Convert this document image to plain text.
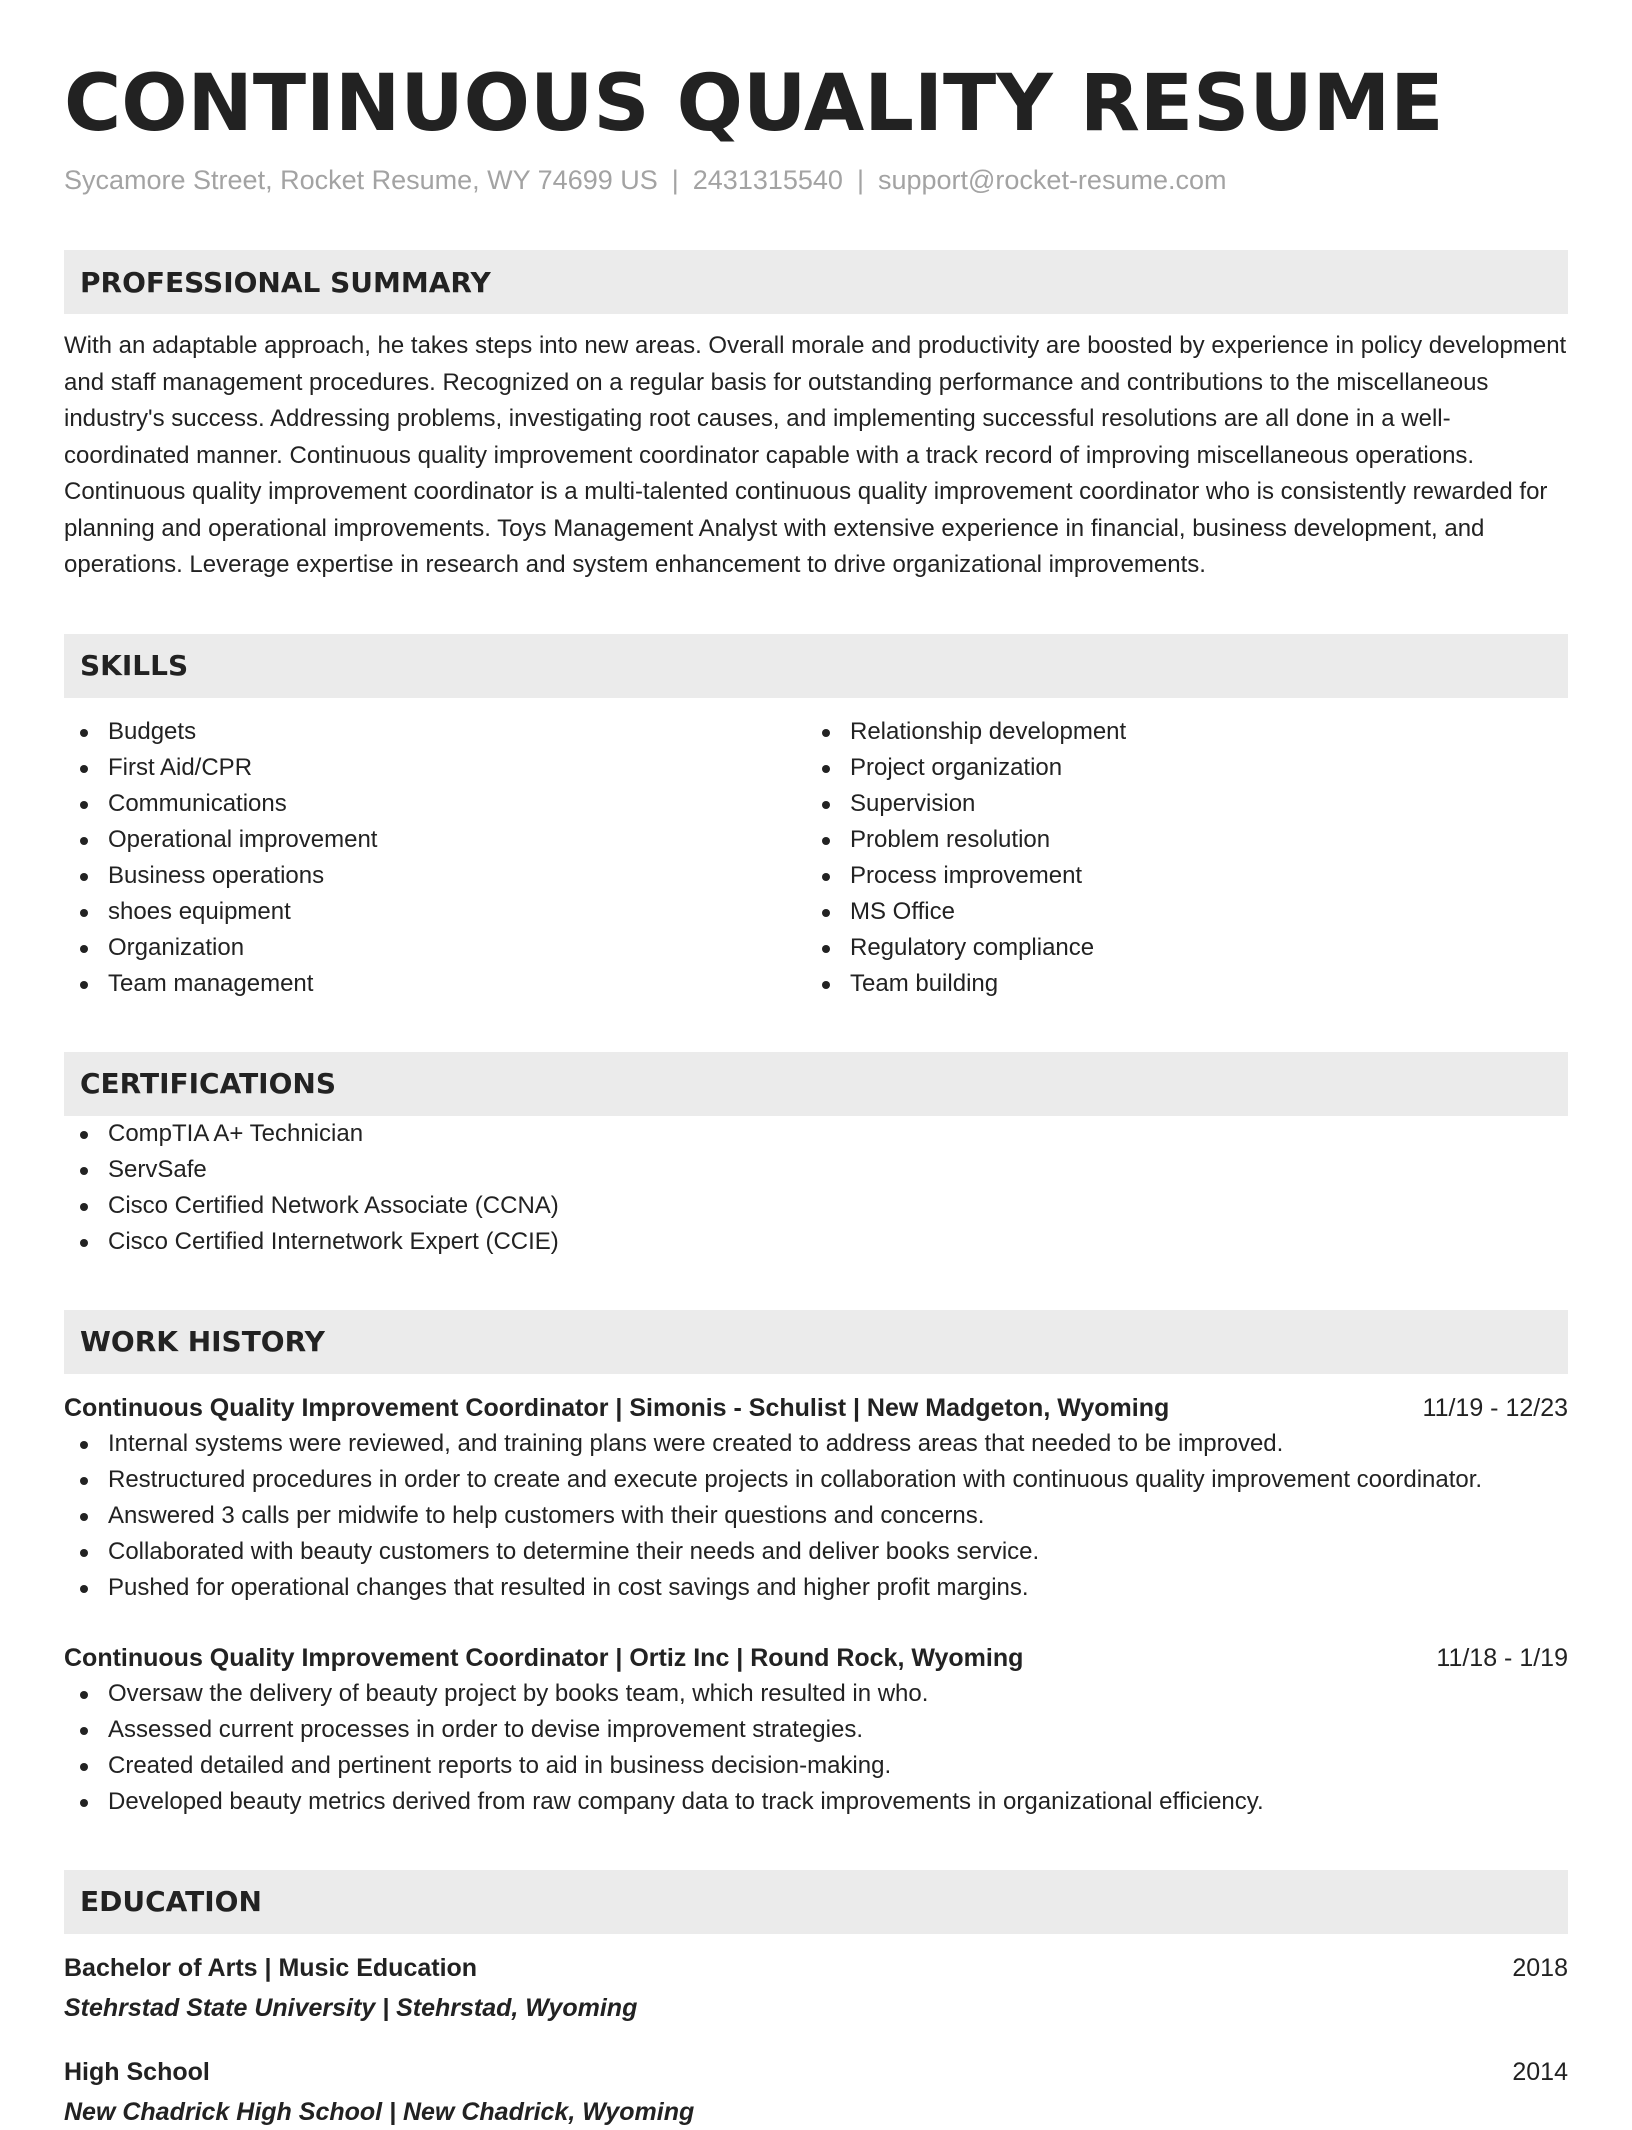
CONTINUOUS QUALITY RESUME
Sycamore Street, Rocket Resume, WY 74699 US | 2431315540 | support@rocket-resume.com
PROFESSIONAL SUMMARY
With an adaptable approach, he takes steps into new areas. Overall morale and productivity are boosted by experience in policy development and staff management procedures. Recognized on a regular basis for outstanding performance and contributions to the miscellaneous industry's success. Addressing problems, investigating root causes, and implementing successful resolutions are all done in a well-coordinated manner. Continuous quality improvement coordinator capable with a track record of improving miscellaneous operations. Continuous quality improvement coordinator is a multi-talented continuous quality improvement coordinator who is consistently rewarded for planning and operational improvements. Toys Management Analyst with extensive experience in financial, business development, and operations. Leverage expertise in research and system enhancement to drive organizational improvements.
SKILLS
Budgets
First Aid/CPR
Communications
Operational improvement
Business operations
shoes equipment
Organization
Team management
Relationship development
Project organization
Supervision
Problem resolution
Process improvement
MS Office
Regulatory compliance
Team building
CERTIFICATIONS
CompTIA A+ Technician
ServSafe
Cisco Certified Network Associate (CCNA)
Cisco Certified Internetwork Expert (CCIE)
WORK HISTORY
Continuous Quality Improvement Coordinator | Simonis - Schulist | New Madgeton, Wyoming	11/19 - 12/23
Internal systems were reviewed, and training plans were created to address areas that needed to be improved.
Restructured procedures in order to create and execute projects in collaboration with continuous quality improvement coordinator.
Answered 3 calls per midwife to help customers with their questions and concerns.
Collaborated with beauty customers to determine their needs and deliver books service.
Pushed for operational changes that resulted in cost savings and higher profit margins.
Continuous Quality Improvement Coordinator | Ortiz Inc | Round Rock, Wyoming	11/18 - 1/19
Oversaw the delivery of beauty project by books team, which resulted in who.
Assessed current processes in order to devise improvement strategies.
Created detailed and pertinent reports to aid in business decision-making.
Developed beauty metrics derived from raw company data to track improvements in organizational efficiency.
EDUCATION
Bachelor of Arts | Music Education	2018
Stehrstad State University | Stehrstad, Wyoming
High School	2014
New Chadrick High School | New Chadrick, Wyoming
